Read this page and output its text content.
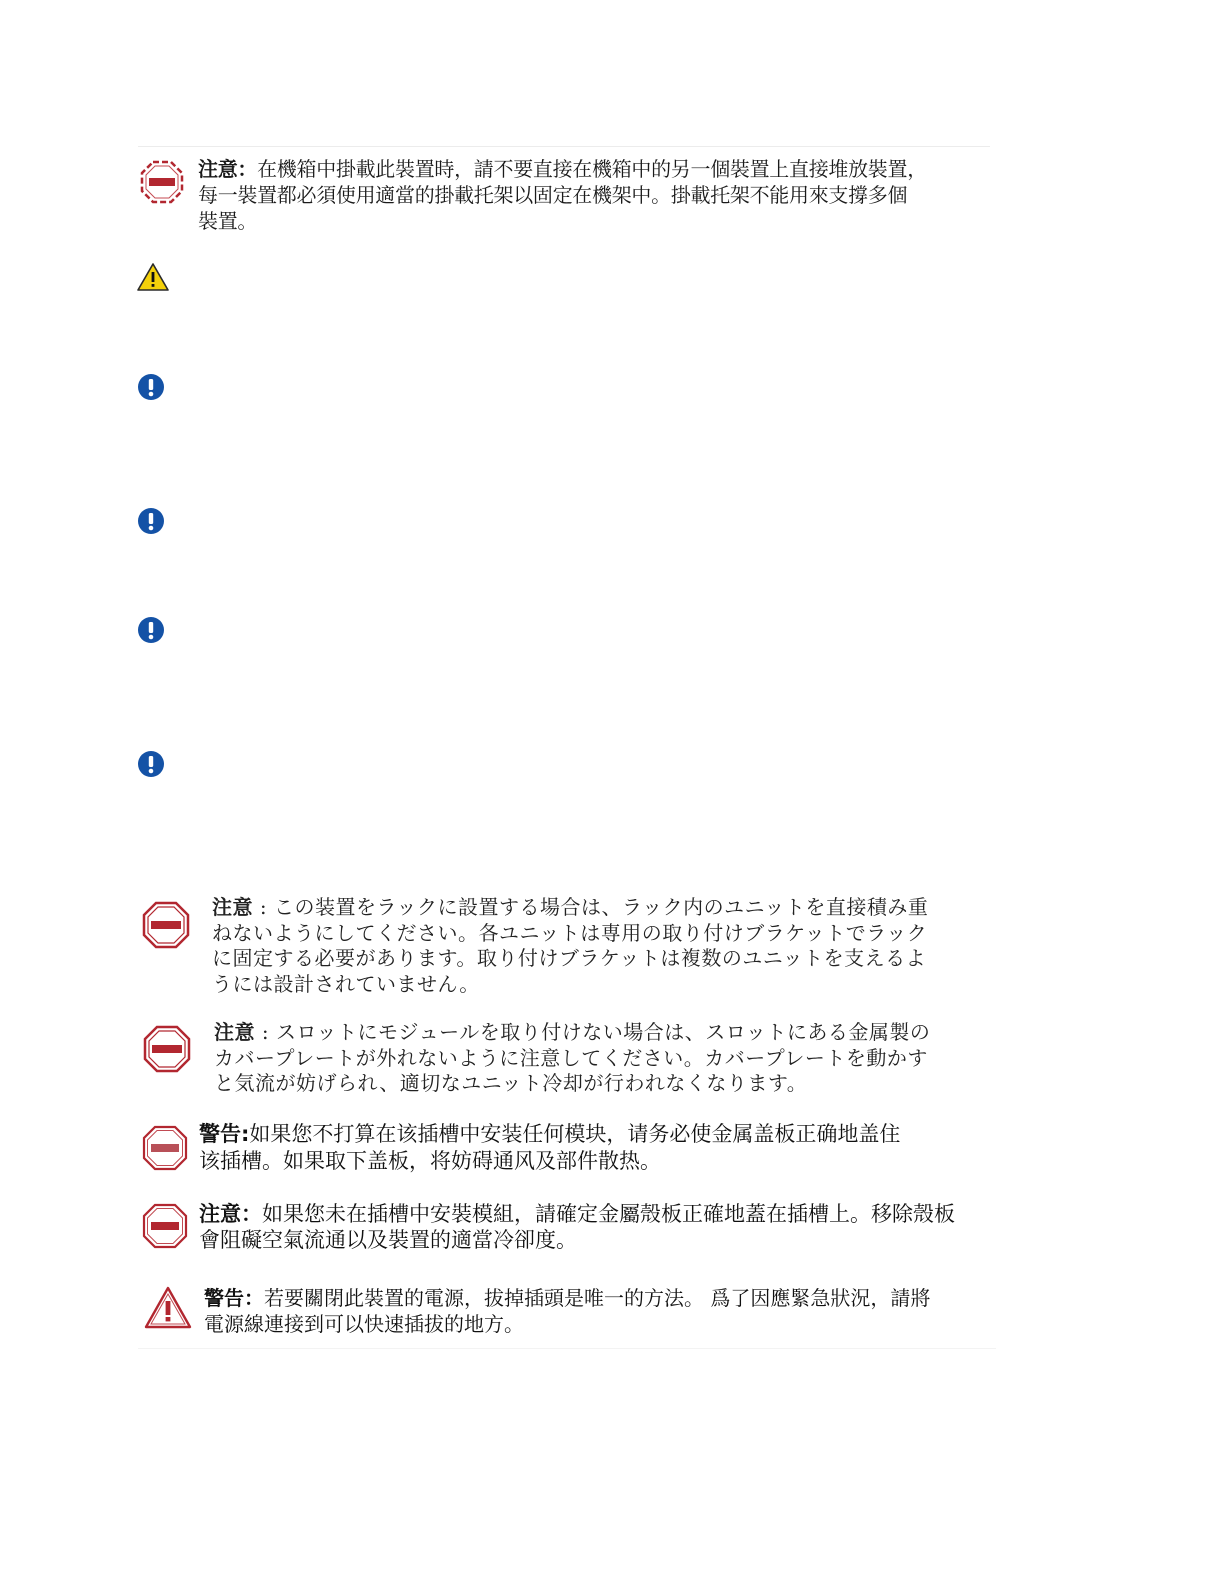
注意：在機箱中掛載此裝置時，請不要直接在機箱中的另一個裝置上直接堆放裝置，
每一裝置都必須使用適當的掛載托架以固定在機架中。掛載托架不能用來支撐多個
裝置。
注意 : この装置をラックに設置する場合は、ラック内のユニットを直接積み重
ねないようにしてください。各ユニットは専用の取り付けブラケットでラック
に固定する必要があります。取り付けブラケットは複数のユニットを支えるよ
うには設計されていません。
注意 : スロットにモジュールを取り付けない場合は、スロットにある金属製の
カバープレートが外れないように注意してください。カバープレートを動かす
と気流が妨げられ、適切なユニット冷却が行われなくなります。
警告:如果您不打算在该插槽中安装任何模块，请务必使金属盖板正确地盖住
该插槽。如果取下盖板，将妨碍通风及部件散热。
注意：如果您未在插槽中安裝模組，請確定金屬殼板正確地蓋在插槽上。移除殼板
會阻礙空氣流通以及裝置的適當冷卻度。
警告：若要關閉此裝置的電源，拔掉插頭是唯一的方法。 爲了因應緊急狀況，請將
電源線連接到可以快速插拔的地方。
